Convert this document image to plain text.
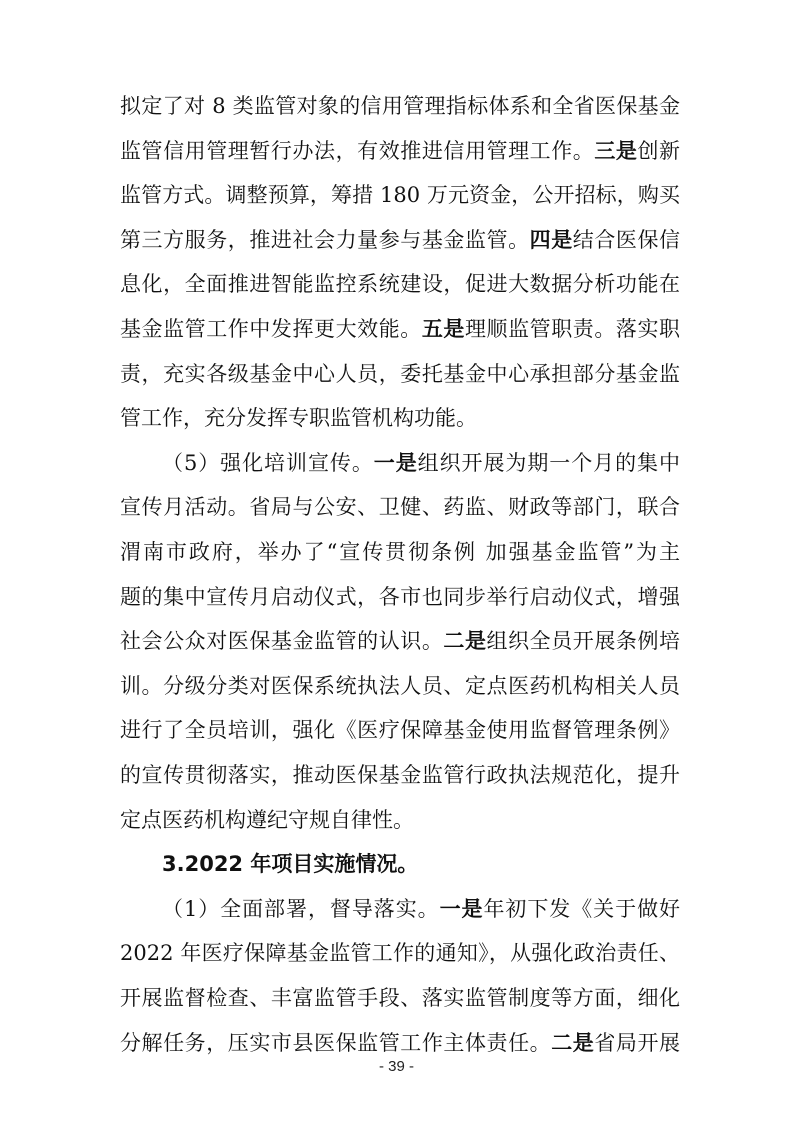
拟定了对 8 类监管对象的信用管理指标体系和全省医保基金
监管信用管理暂行办法，有效推进信用管理工作。三是创新
监管方式。调整预算，筹措 180 万元资金，公开招标，购买
第三方服务，推进社会力量参与基金监管。四是结合医保信
息化，全面推进智能监控系统建设，促进大数据分析功能在
基金监管工作中发挥更大效能。五是理顺监管职责。落实职
责，充实各级基金中心人员，委托基金中心承担部分基金监
管工作，充分发挥专职监管机构功能。
（5）强化培训宣传。一是组织开展为期一个月的集中
宣传月活动。省局与公安、卫健、药监、财政等部门，联合
渭南市政府，举办了“宣传贯彻条例 加强基金监管”为主
题的集中宣传月启动仪式，各市也同步举行启动仪式，增强
社会公众对医保基金监管的认识。二是组织全员开展条例培
训。分级分类对医保系统执法人员、定点医药机构相关人员
进行了全员培训，强化《医疗保障基金使用监督管理条例》
的宣传贯彻落实，推动医保基金监管行政执法规范化，提升
定点医药机构遵纪守规自律性。
3.2022 年项目实施情况。
（1）全面部署，督导落实。一是年初下发《关于做好
2022 年医疗保障基金监管工作的通知》，从强化政治责任、
开展监督检查、丰富监管手段、落实监管制度等方面，细化
分解任务，压实市县医保监管工作主体责任。二是省局开展
- 39 -
